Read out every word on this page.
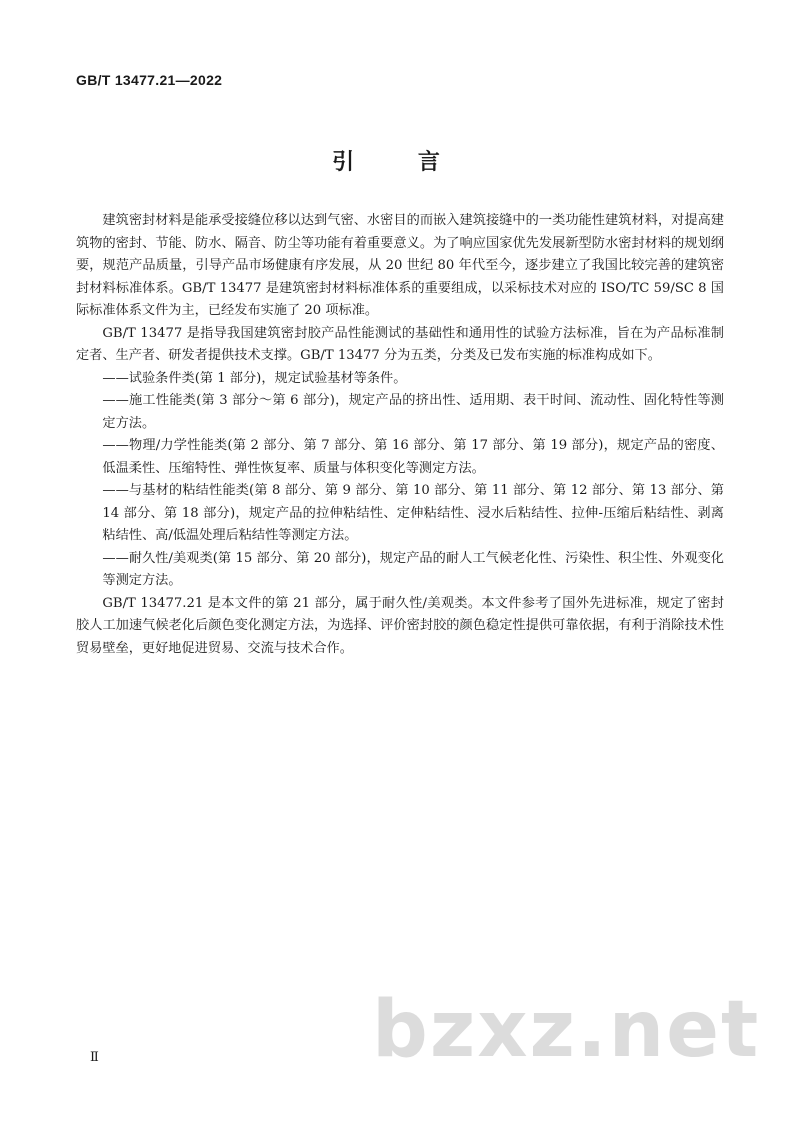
GB/T 13477.21—2022
引 言

建筑密封材料是能承受接缝位移以达到气密、水密目的而嵌入建筑接缝中的一类功能性建筑材料，对提高建筑物的密封、节能、防水、隔音、防尘等功能有着重要意义。为了响应国家优先发展新型防水密封材料的规划纲要，规范产品质量，引导产品市场健康有序发展，从 20 世纪 80 年代至今，逐步建立了我国比较完善的建筑密封材料标准体系。GB/T 13477 是建筑密封材料标准体系的重要组成，以采标技术对应的 ISO/TC 59/SC 8 国际标准体系文件为主，已经发布实施了 20 项标准。

GB/T 13477 是指导我国建筑密封胶产品性能测试的基础性和通用性的试验方法标准，旨在为产品标准制定者、生产者、研发者提供技术支撑。GB/T 13477 分为五类，分类及已发布实施的标准构成如下。

——试验条件类(第 1 部分)，规定试验基材等条件。

——施工性能类(第 3 部分～第 6 部分)，规定产品的挤出性、适用期、表干时间、流动性、固化特性等测定方法。

——物理/力学性能类(第 2 部分、第 7 部分、第 16 部分、第 17 部分、第 19 部分)，规定产品的密度、低温柔性、压缩特性、弹性恢复率、质量与体积变化等测定方法。

——与基材的粘结性能类(第 8 部分、第 9 部分、第 10 部分、第 11 部分、第 12 部分、第 13 部分、第 14 部分、第 18 部分)，规定产品的拉伸粘结性、定伸粘结性、浸水后粘结性、拉伸-压缩后粘结性、剥离粘结性、高/低温处理后粘结性等测定方法。

——耐久性/美观类(第 15 部分、第 20 部分)，规定产品的耐人工气候老化性、污染性、积尘性、外观变化等测定方法。

GB/T 13477.21 是本文件的第 21 部分，属于耐久性/美观类。本文件参考了国外先进标准，规定了密封胶人工加速气候老化后颜色变化测定方法，为选择、评价密封胶的颜色稳定性提供可靠依据，有利于消除技术性贸易壁垒，更好地促进贸易、交流与技术合作。

bzxz.net
Ⅱ
